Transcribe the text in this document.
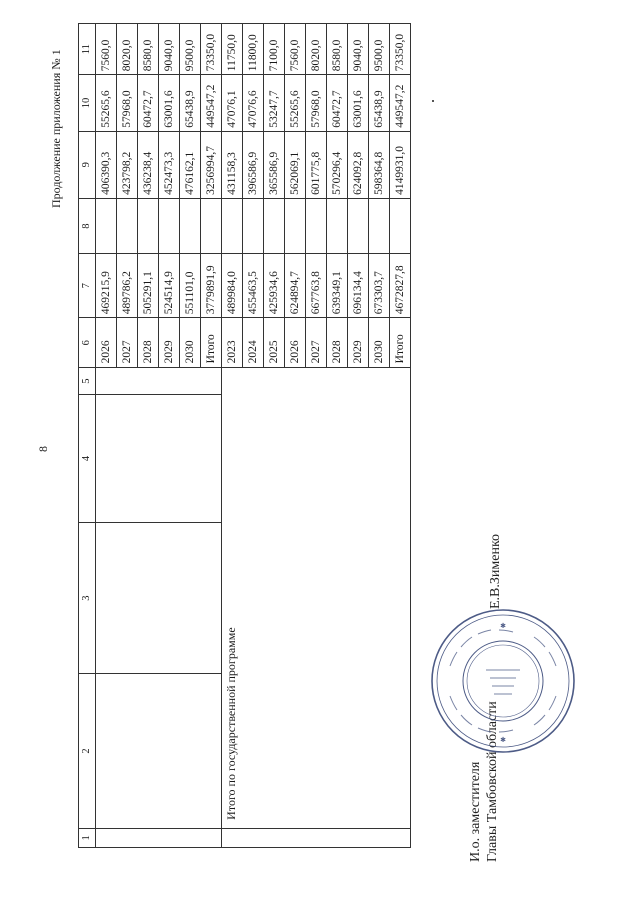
8
Продолжение приложения № 1
1	2	3	4	5	6	7	8	9	10	11
					2026	469215,9		406390,3	55265,6	7560,0
					2027	489786,2		423798,2	57968,0	8020,0
					2028	505291,1		436238,4	60472,7	8580,0
					2029	524514,9		452473,3	63001,6	9040,0
					2030	551101,0		476162,1	65438,9	9500,0
					Итого	3779891,9		3256994,7	449547,2	73350,0
	Итого по государственной программе				2023	489984,0		431158,3	47076,1	11750,0
					2024	455463,5		396586,9	47076,6	11800,0
					2025	425934,6		365586,9	53247,7	7100,0
					2026	624894,7		562069,1	55265,6	7560,0
					2027	667763,8		601775,8	57968,0	8020,0
					2028	639349,1		570296,4	60472,7	8580,0
					2029	696134,4		624092,8	63001,6	9040,0
					2030	673303,7		598364,8	65438,9	9500,0
					Итого	4672827,8		4149931,0	449547,2	73350,0
И.о. заместителя Главы Тамбовской области
Е.В.Зименко
✱
✱
